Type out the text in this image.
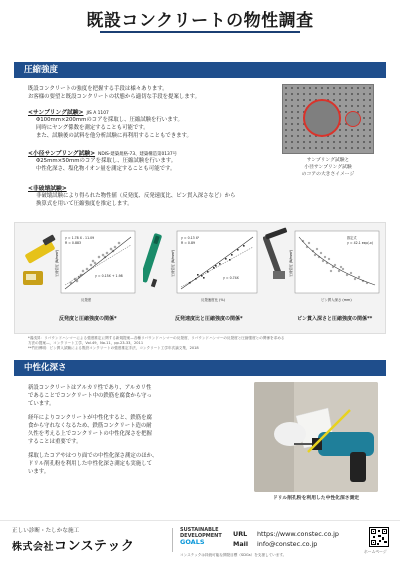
既設コンクリートの物性調査
圧縮強度
既設コンクリートの強度を把握する手段は様々あります。
お客様の要望と既設コンクリートの状態から適切な手段を提案します。
<サンプリング試験> JIS A 1107
Φ100mm×200mmのコアを採取し、圧縮試験を行います。
同時にヤング係数を測定することも可能です。
また、試験後の試料を他分析試験に再利用することもできます。
<小径サンプリング試験> NDIS-建築規格-73、建築構造第0137号
Φ25mm×50mmのコアを採取し、圧縮試験を行います。
中性化深さ、塩化物イオン量を測定することも可能です。
<非破壊試験>
非破壊試験により得られた物性値（反発度、反発速度比、ピン貫入深さなど）から
換算式を用いて圧縮強度を推定します。
サンプリング試験と
小径サンプリング試験
のコアの大きさイメージ
y = 1.78 X - 11.09
R = 0.883
y = 0.15X + 1.98
反発度
圧縮強度 (N/mm²)
反発度と圧縮強度の関係*
y = 0.13 X²
R = 0.89
y = 0.74X
反発速度比 (%)
圧縮強度 (N/mm²)
反発速度比と圧縮強度の関係*
推定式
y = 42.1 exp(-x)
ピン貫入深さ (mm)
圧縮強度 (N/mm²)
ピン貫入深さと圧縮強度の関係**
*湯浅昇：リバウンドハンマーによる強度推定に関する新規提案—各種リバウンドハンマーの反発度、リバウンドハンマーの反発度と圧縮強度との関係を求める
方法の提案—，コンクリート工学，Vol.49，No.11，pp.23-33，2011
**竹田博明：ピン貫入試験による既設コンクリートの強度推定手法，コンクリート工学年次論文集，2018
中性化深さ
新設コンクリートはアルカリ性であり、アルカリ性
であることでコンクリート中の鉄筋を腐食から守っ
ています。
経年によりコンクリートが中性化すると、鉄筋を腐
食から守れなくなるため、鉄筋コンクリート造の耐
久性を考える上でコンクリートの中性化深さを把握
することは重要です。
採取したコアやはつり面での中性化深さ測定のほか、
ドリル削孔粉を利用した中性化深さ測定も実施して
います。
ドリル削孔粉を利用した中性化深さ測定
正しい診断・たしかな施工
株式会社コンステック
SUSTAINABLE
DEVELOPMENT
GOALS
コンステックは持続可能な開発目標（SDGs）を支援しています。
URL https://www.constec.co.jp
Mail info@constec.co.jp
ホームページ
